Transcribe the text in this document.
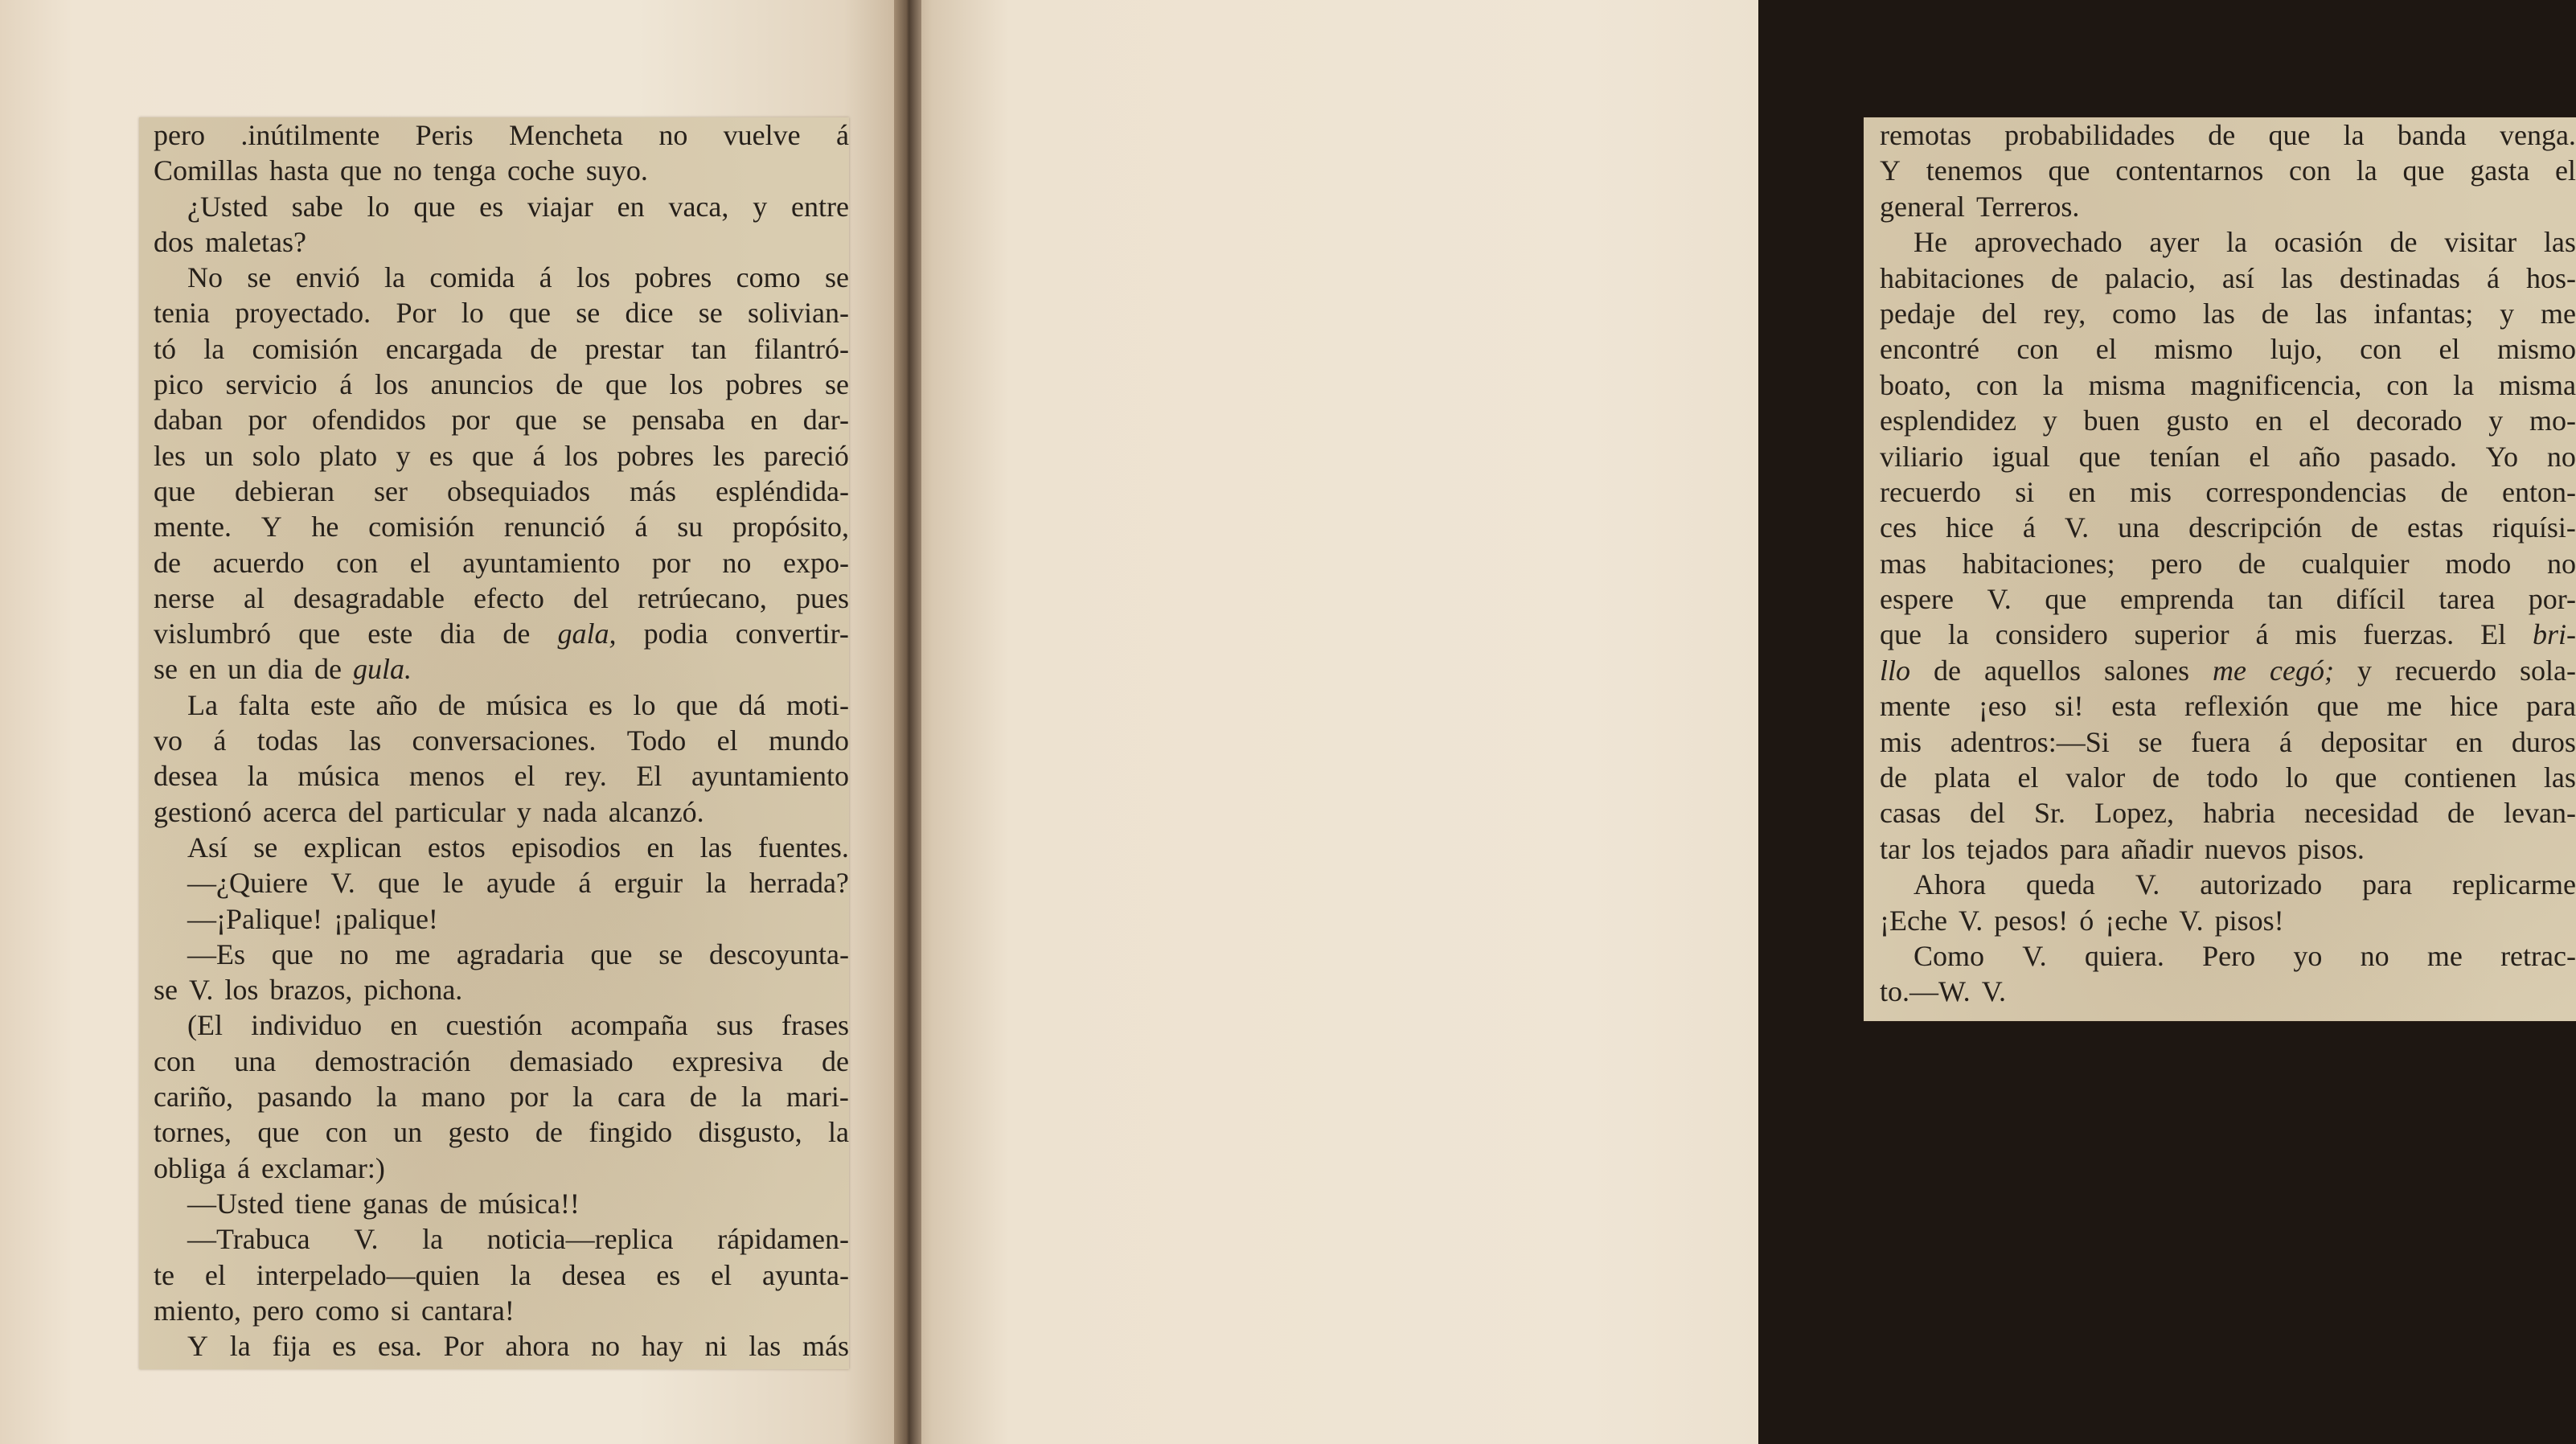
pero .inútilmente Peris Mencheta no vuelve á
Comillas hasta que no tenga coche suyo.
¿Usted sabe lo que es viajar en vaca, y entre
dos maletas?
No se envió la comida á los pobres como se
tenia proyectado. Por lo que se dice se solivian-
tó la comisión encargada de prestar tan filantró-
pico servicio á los anuncios de que los pobres se
daban por ofendidos por que se pensaba en dar-
les un solo plato y es que á los pobres les pareció
que debieran ser obsequiados más espléndida-
mente. Y he comisión renunció á su propósito,
de acuerdo con el ayuntamiento por no expo-
nerse al desagradable efecto del retrúecano, pues
vislumbró que este dia de gala, podia convertir-
se en un dia de gula.
La falta este año de música es lo que dá moti-
vo á todas las conversaciones. Todo el mundo
desea la música menos el rey. El ayuntamiento
gestionó acerca del particular y nada alcanzó.
Así se explican estos episodios en las fuentes.
—¿Quiere V. que le ayude á erguir la herrada?
—¡Palique! ¡palique!
—Es que no me agradaria que se descoyunta-
se V. los brazos, pichona.
(El individuo en cuestión acompaña sus frases
con una demostración demasiado expresiva de
cariño, pasando la mano por la cara de la mari-
tornes, que con un gesto de fingido disgusto, la
obliga á exclamar:)
—Usted tiene ganas de música!!
—Trabuca V. la noticia—replica rápidamen-
te el interpelado—quien la desea es el ayunta-
miento, pero como si cantara!
Y la fija es esa. Por ahora no hay ni las más
remotas probabilidades de que la banda venga.
Y tenemos que contentarnos con la que gasta el
general Terreros.
He aprovechado ayer la ocasión de visitar las
habitaciones de palacio, así las destinadas á hos-
pedaje del rey, como las de las infantas; y me
encontré con el mismo lujo, con el mismo
boato, con la misma magnificencia, con la misma
esplendidez y buen gusto en el decorado y mo-
viliario igual que tenían el año pasado. Yo no
recuerdo si en mis correspondencias de enton-
ces hice á V. una descripción de estas riquísi-
mas habitaciones; pero de cualquier modo no
espere V. que emprenda tan difícil tarea por-
que la considero superior á mis fuerzas. El bri-
llo de aquellos salones me cegó; y recuerdo sola-
mente ¡eso si! esta reflexión que me hice para
mis adentros:—Si se fuera á depositar en duros
de plata el valor de todo lo que contienen las
casas del Sr. Lopez, habria necesidad de levan-
tar los tejados para añadir nuevos pisos.
Ahora queda V. autorizado para replicarme
¡Eche V. pesos! ó ¡eche V. pisos!
Como V. quiera. Pero yo no me retrac-
to.—W. V.
